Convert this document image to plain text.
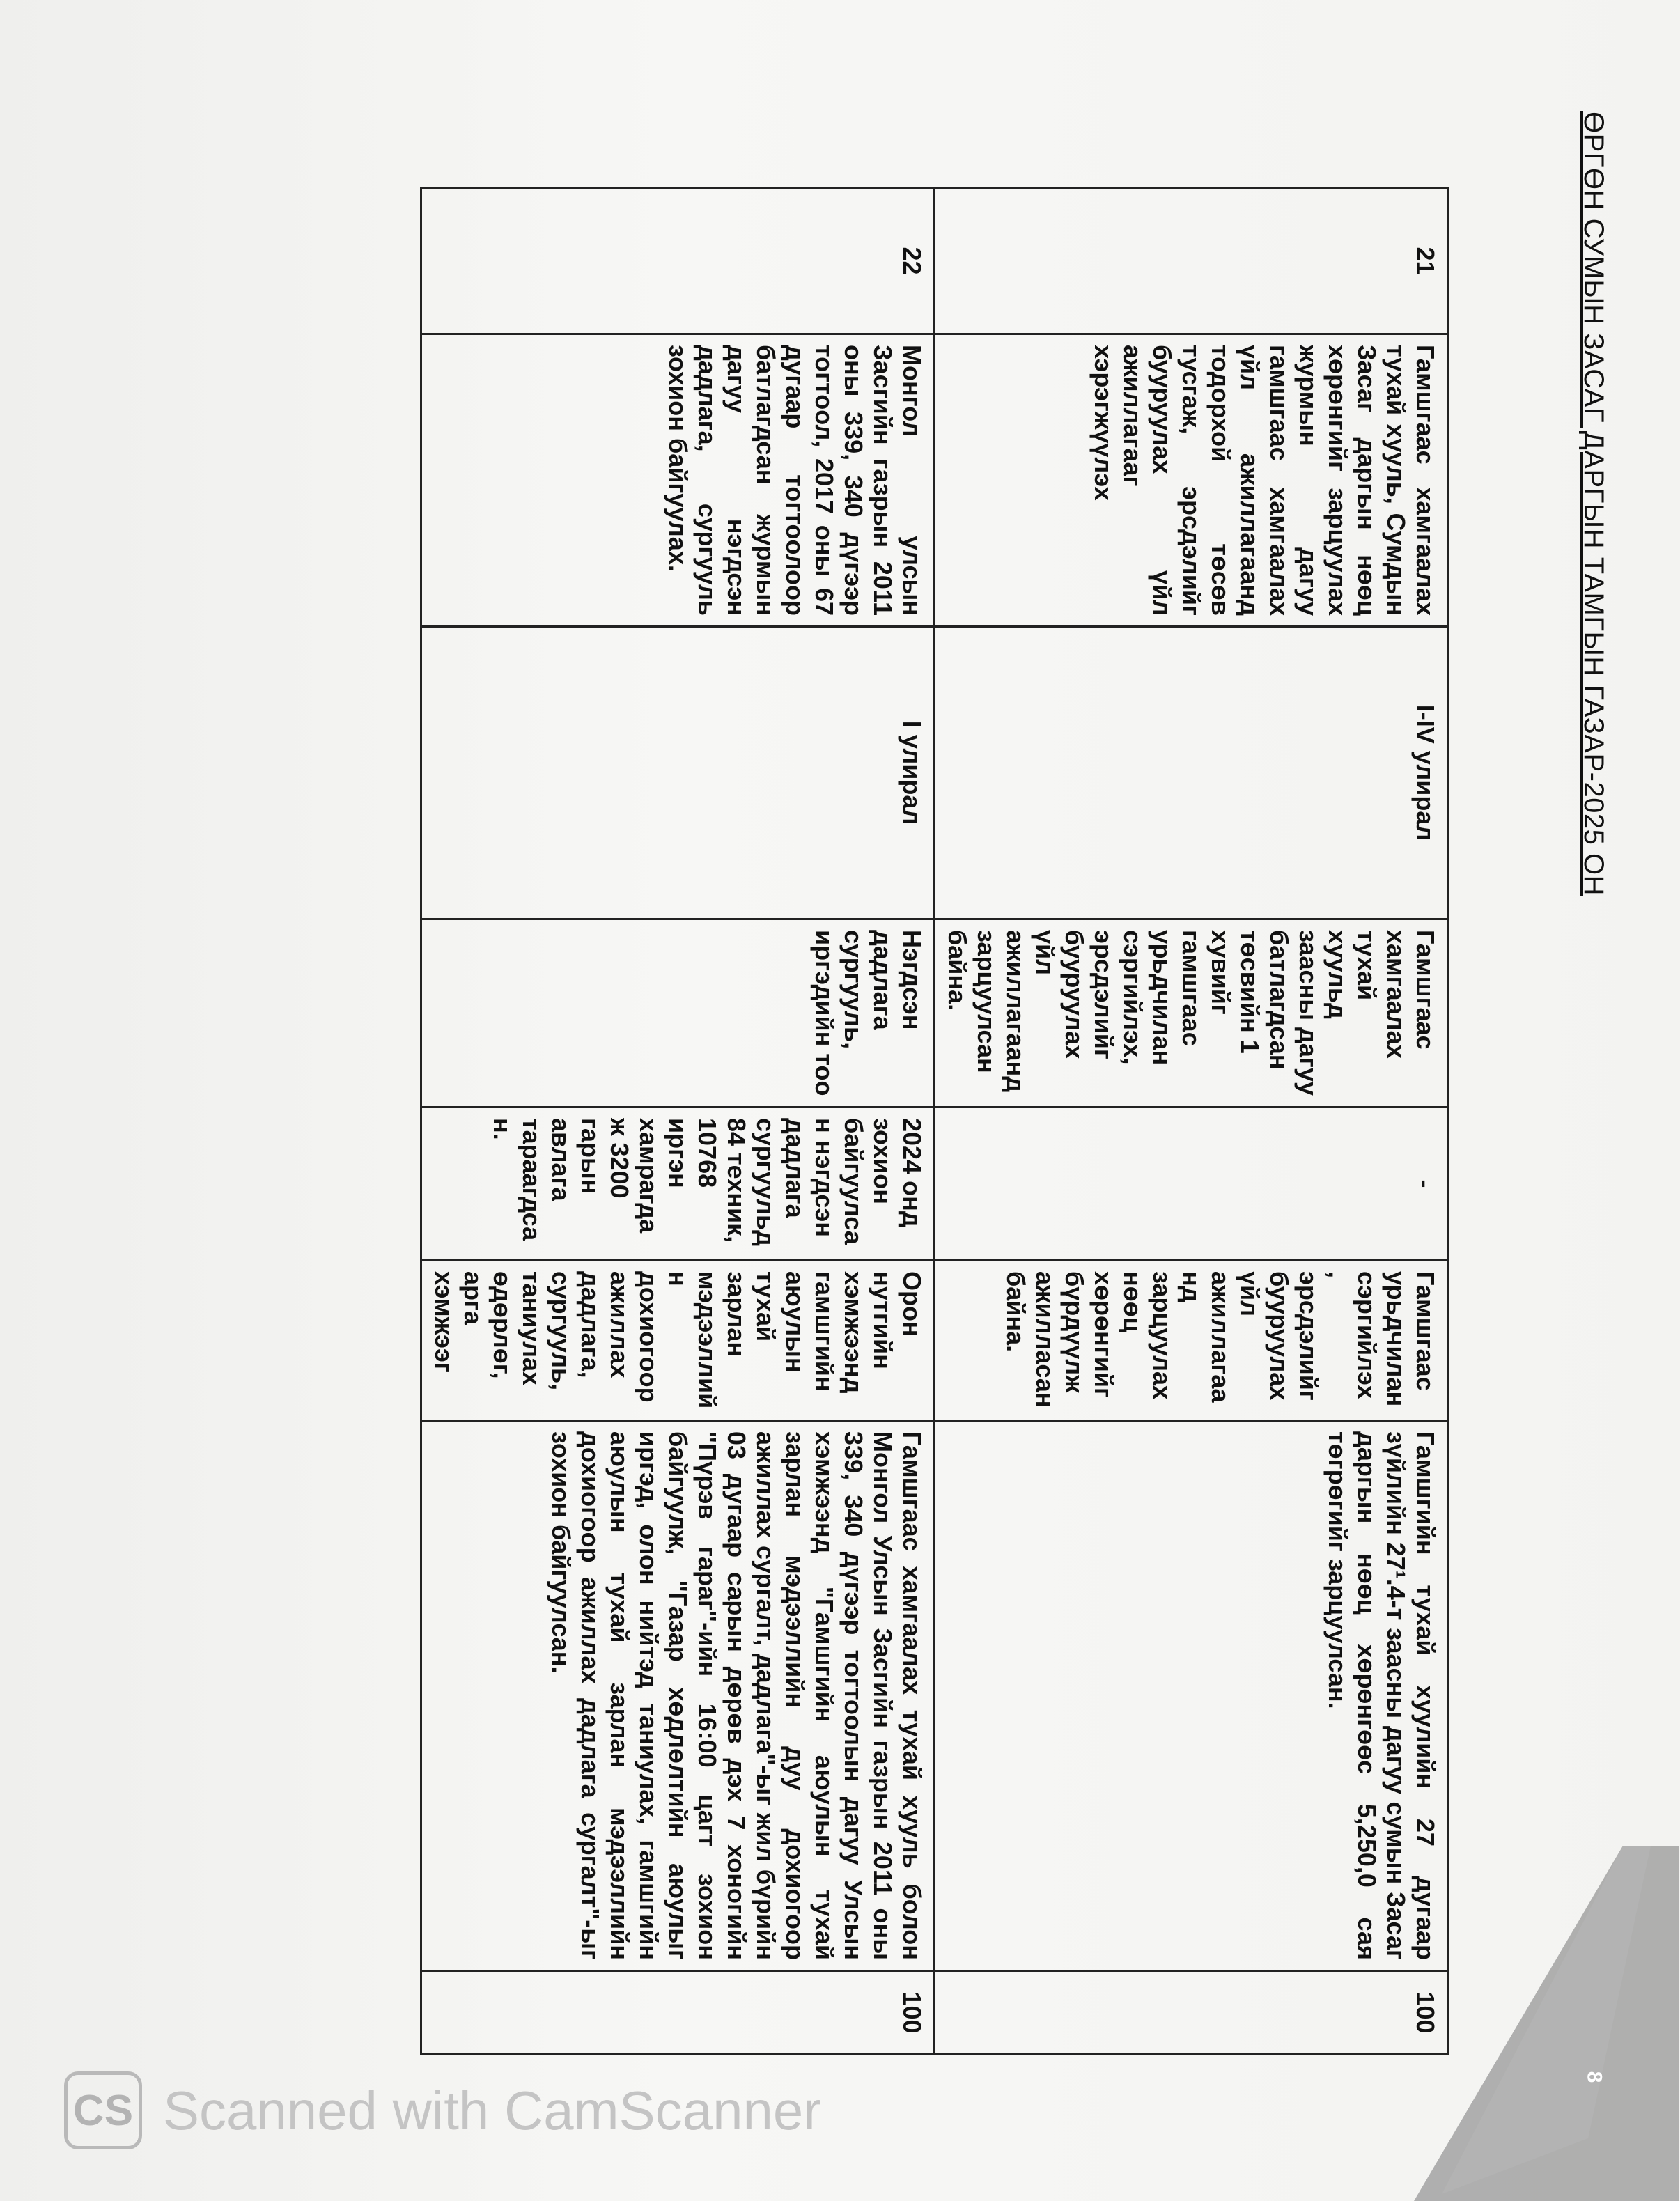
ӨРГӨН СУМЫН ЗАСАГ ДАРГЫН ТАМГЫН ГАЗАР-2025 ОН
21	Гамшгаас хамгаалах тухай хууль, Сумдын Засаг даргын нөөц хөрөнгийг зарцуулах журмын дагуу гамшгаас хамгаалах үйл ажиллагаанд тодорхой төсөв тусгаж, эрсдэлийг бууруулах үйл ажиллагааг хэрэгжүүлэх	I-IV улирал	Гамшгаас хамгаалах тухай хуульд заасны дагуу батлагдсан төсвийн 1 хувийг гамшгаас урьдчилан сэргийлэх, эрсдэлийг бууруулах үйл ажиллагаанд зарцуулсан байна.	-	Гамшгаас урьдчилан сэргийлэх , эрсдэлийг бууруулах үйл ажиллагаанд зарцуулах нөөц хөрөнгийг бүрдүүлж ажилласан байна.	Гамшгийн тухай хуулийн 27 дугаар зүйлийн 27¹.4-т заасны дагуу сумын Засаг даргын нөөц хөрөнгөөс 5,250,0 сая төгрөгийг зарцуулсан.	100
22	Монгол улсын Засгийн газрын 2011 оны 339, 340 дүгээр тогтоол, 2017 оны 67 дугаар тогтоолоор батлагдсан журмын дагуу нэгдсэн дадлага, сургууль зохион байгуулах.	I улирал	Нэгдсэн дадлага сургууль, иргэдийн тоо	2024 онд зохион байгуулсан нэгдсэн дадлага сургуульд 84 техник, 10768 иргэн хамрагдаж 3200 гарын авлага тараагдсан.	Орон нутгийн хэмжээнд гамшгийн аюулын тухай зарлан мэдээллийн дохиогоор ажиллах дадлага, сургууль, таниулах өдөрлөг, арга хэмжээг	Гамшгаас хамгаалах тухай хууль болон Монгол Улсын Засгийн газрын 2011 оны 339, 340 дүгээр тогтоолын дагуу Улсын хэмжээнд "Гамшгийн аюулын тухай зарлан мэдээллийн дуу дохиогоор ажиллах сургалт, дадлага"-ыг жил бүрийн 03 дугаар сарын дөрөв дэх 7 хоногийн "Пүрэв гараг"-ийн 16:00 цагт зохион байгуулж, "Газар хөдлөлтийн аюулыг иргэд, олон нийтэд таниулах, гамшгийн аюулын тухай зарлан мэдээллийн дохиогоор ажиллах дадлага сургалт"-ыг зохион байгуулсан.	100
CS Scanned with CamScanner
8
